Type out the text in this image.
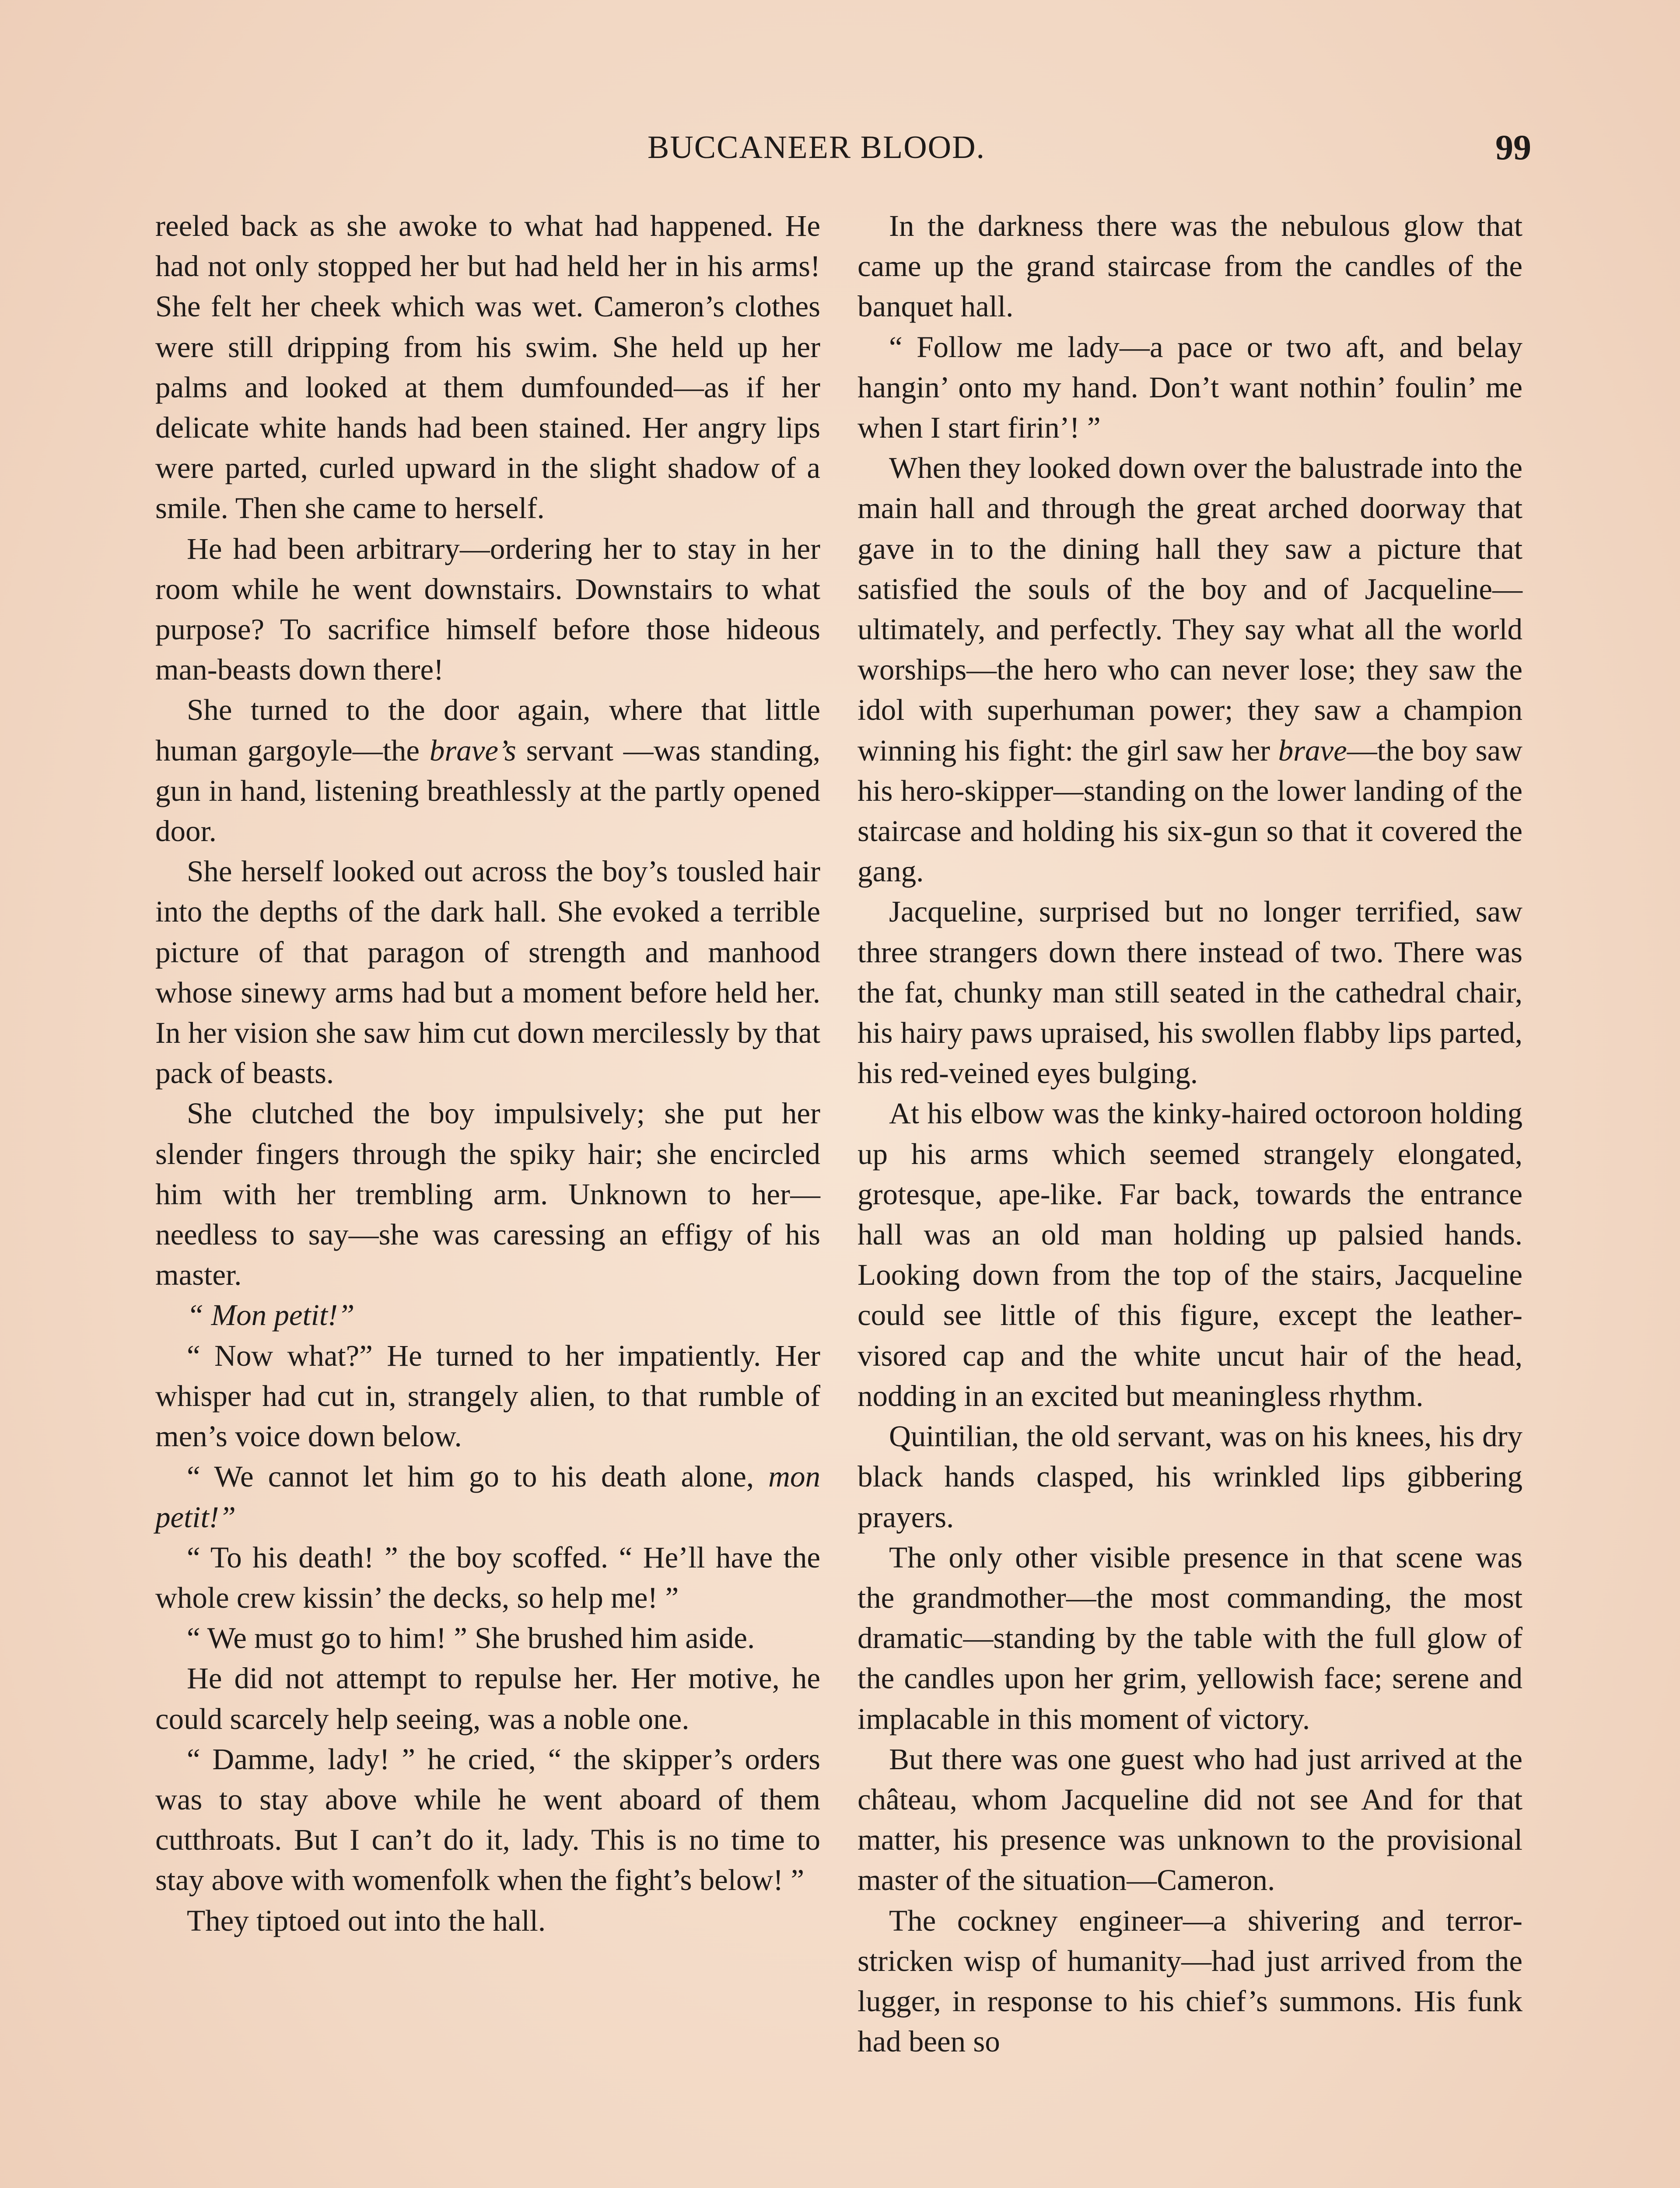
BUCCANEER BLOOD.	99

reeled back as she awoke to what had happened. He had not only stopped her but had held her in his arms! She felt her cheek which was wet. Cameron’s clothes were still dripping from his swim. She held up her palms and looked at them dumfounded—as if her delicate white hands had been stained. Her angry lips were parted, curled upward in the slight shadow of a smile. Then she came to herself.

He had been arbitrary—ordering her to stay in her room while he went downstairs. Downstairs to what purpose? To sacrifice himself before those hideous man-beasts down there!

She turned to the door again, where that little human gargoyle—the brave’s servant —was standing, gun in hand, listening breathlessly at the partly opened door.

She herself looked out across the boy’s tousled hair into the depths of the dark hall. She evoked a terrible picture of that paragon of strength and manhood whose sinewy arms had but a moment before held her. In her vision she saw him cut down mercilessly by that pack of beasts.

She clutched the boy impulsively; she put her slender fingers through the spiky hair; she encircled him with her trembling arm. Unknown to her—needless to say—she was caressing an effigy of his master.

“ Mon petit!”

“ Now what?” He turned to her impatiently. Her whisper had cut in, strangely alien, to that rumble of men’s voice down below.

“ We cannot let him go to his death alone, mon petit!”

“ To his death! ” the boy scoffed. “ He’ll have the whole crew kissin’ the decks, so help me! ”

“ We must go to him! ” She brushed him aside.

He did not attempt to repulse her. Her motive, he could scarcely help seeing, was a noble one.

“ Damme, lady! ” he cried, “ the skipper’s orders was to stay above while he went aboard of them cutthroats. But I can’t do it, lady. This is no time to stay above with womenfolk when the fight’s below! ”

They tiptoed out into the hall.

In the darkness there was the nebulous glow that came up the grand staircase from the candles of the banquet hall.

“ Follow me lady—a pace or two aft, and belay hangin’ onto my hand. Don’t want nothin’ foulin’ me when I start firin’! ”

When they looked down over the balustrade into the main hall and through the great arched doorway that gave in to the dining hall they saw a picture that satisfied the souls of the boy and of Jacqueline—ultimately, and perfectly. They say what all the world worships—the hero who can never lose; they saw the idol with superhuman power; they saw a champion winning his fight: the girl saw her brave—the boy saw his hero-skipper—standing on the lower landing of the staircase and holding his six-gun so that it covered the gang.

Jacqueline, surprised but no longer terrified, saw three strangers down there instead of two. There was the fat, chunky man still seated in the cathedral chair, his hairy paws upraised, his swollen flabby lips parted, his red-veined eyes bulging.

At his elbow was the kinky-haired octoroon holding up his arms which seemed strangely elongated, grotesque, ape-like. Far back, towards the entrance hall was an old man holding up palsied hands. Looking down from the top of the stairs, Jacqueline could see little of this figure, except the leather-visored cap and the white uncut hair of the head, nodding in an excited but meaningless rhythm.

Quintilian, the old servant, was on his knees, his dry black hands clasped, his wrinkled lips gibbering prayers.

The only other visible presence in that scene was the grandmother—the most commanding, the most dramatic—standing by the table with the full glow of the candles upon her grim, yellowish face; serene and implacable in this moment of victory.

But there was one guest who had just arrived at the château, whom Jacqueline did not see And for that matter, his presence was unknown to the provisional master of the situation—Cameron.

The cockney engineer—a shivering and terror-stricken wisp of humanity—had just arrived from the lugger, in response to his chief’s summons. His funk had been so
